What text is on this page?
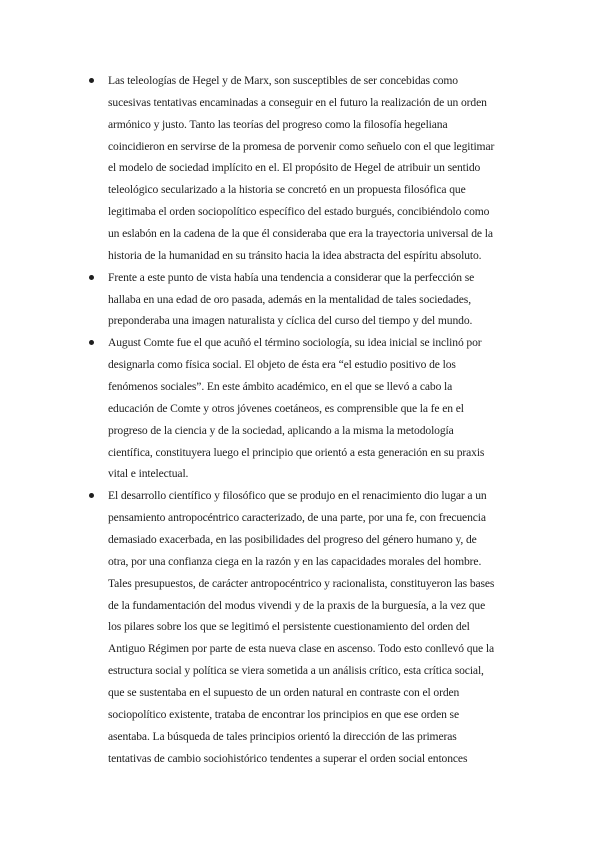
Las teleologías de Hegel y de Marx, son susceptibles de ser concebidas como
sucesivas tentativas encaminadas a conseguir en el futuro la realización de un orden
armónico y justo. Tanto las teorías del progreso como la filosofía hegeliana
coincidieron en servirse de la promesa de porvenir como señuelo con el que legitimar
el modelo de sociedad implícito en el. El propósito de Hegel de atribuir un sentido
teleológico secularizado a la historia se concretó en un propuesta filosófica que
legitimaba el orden sociopolítico específico del estado burgués, concibiéndolo como
un eslabón en la cadena de la que él consideraba que era la trayectoria universal de la
historia de la humanidad en su tránsito hacia la idea abstracta del espíritu absoluto.
Frente a este punto de vista había una tendencia a considerar que la perfección se
hallaba en una edad de oro pasada, además en la mentalidad de tales sociedades,
preponderaba una imagen naturalista y cíclica del curso del tiempo y del mundo.
August Comte fue el que acuñó el término sociología, su idea inicial se inclinó por
designarla como física social. El objeto de ésta era “el estudio positivo de los
fenómenos sociales”. En este ámbito académico, en el que se llevó a cabo la
educación de Comte y otros jóvenes coetáneos, es comprensible que la fe en el
progreso de la ciencia y de la sociedad, aplicando a la misma la metodología
científica, constituyera luego el principio que orientó a esta generación en su praxis
vital e intelectual.
El desarrollo científico y filosófico que se produjo en el renacimiento dio lugar a un
pensamiento antropocéntrico caracterizado, de una parte, por una fe, con frecuencia
demasiado exacerbada, en las posibilidades del progreso del género humano y, de
otra, por una confianza ciega en la razón y en las capacidades morales del hombre.
Tales presupuestos, de carácter antropocéntrico y racionalista, constituyeron las bases
de la fundamentación del modus vivendi y de la praxis de la burguesía, a la vez que
los pilares sobre los que se legitimó el persistente cuestionamiento del orden del
Antiguo Régimen por parte de esta nueva clase en ascenso. Todo esto conllevó que la
estructura social y política se viera sometida a un análisis crítico, esta crítica social,
que se sustentaba en el supuesto de un orden natural en contraste con el orden
sociopolítico existente, trataba de encontrar los principios en que ese orden se
asentaba. La búsqueda de tales principios orientó la dirección de las primeras
tentativas de cambio sociohistórico tendentes a superar el orden social entonces
